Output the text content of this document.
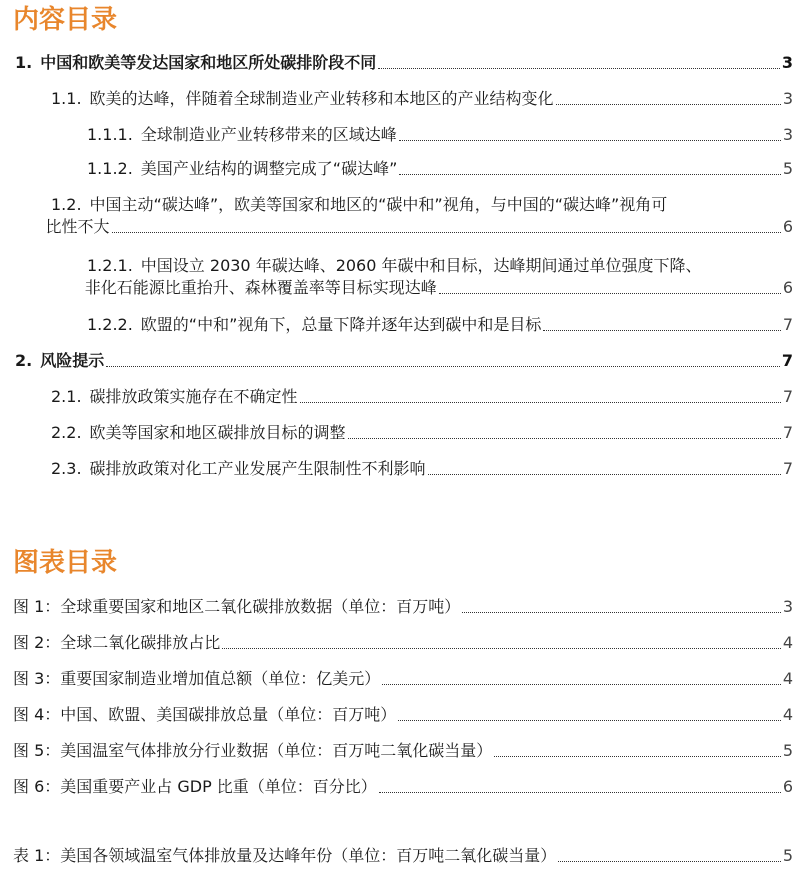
内容目录
1. 中国和欧美等发达国家和地区所处碳排阶段不同	3
1.1. 欧美的达峰，伴随着全球制造业产业转移和本地区的产业结构变化	3
1.1.1. 全球制造业产业转移带来的区域达峰	3
1.1.2. 美国产业结构的调整完成了“碳达峰”	5
1.2. 中国主动“碳达峰”，欧美等国家和地区的“碳中和”视角，与中国的“碳达峰”视角可
比性不大	6
1.2.1. 中国设立 2030 年碳达峰、2060 年碳中和目标，达峰期间通过单位强度下降、
非化石能源比重抬升、森林覆盖率等目标实现达峰	6
1.2.2. 欧盟的“中和”视角下，总量下降并逐年达到碳中和是目标	7
2. 风险提示	7
2.1. 碳排放政策实施存在不确定性	7
2.2. 欧美等国家和地区碳排放目标的调整	7
2.3. 碳排放政策对化工产业发展产生限制性不利影响	7
图表目录
图 1：全球重要国家和地区二氧化碳排放数据（单位：百万吨）	3
图 2：全球二氧化碳排放占比	4
图 3：重要国家制造业增加值总额（单位：亿美元）	4
图 4：中国、欧盟、美国碳排放总量（单位：百万吨）	4
图 5：美国温室气体排放分行业数据（单位：百万吨二氧化碳当量）	5
图 6：美国重要产业占 GDP 比重（单位：百分比）	6
表 1：美国各领域温室气体排放量及达峰年份（单位：百万吨二氧化碳当量）	5
